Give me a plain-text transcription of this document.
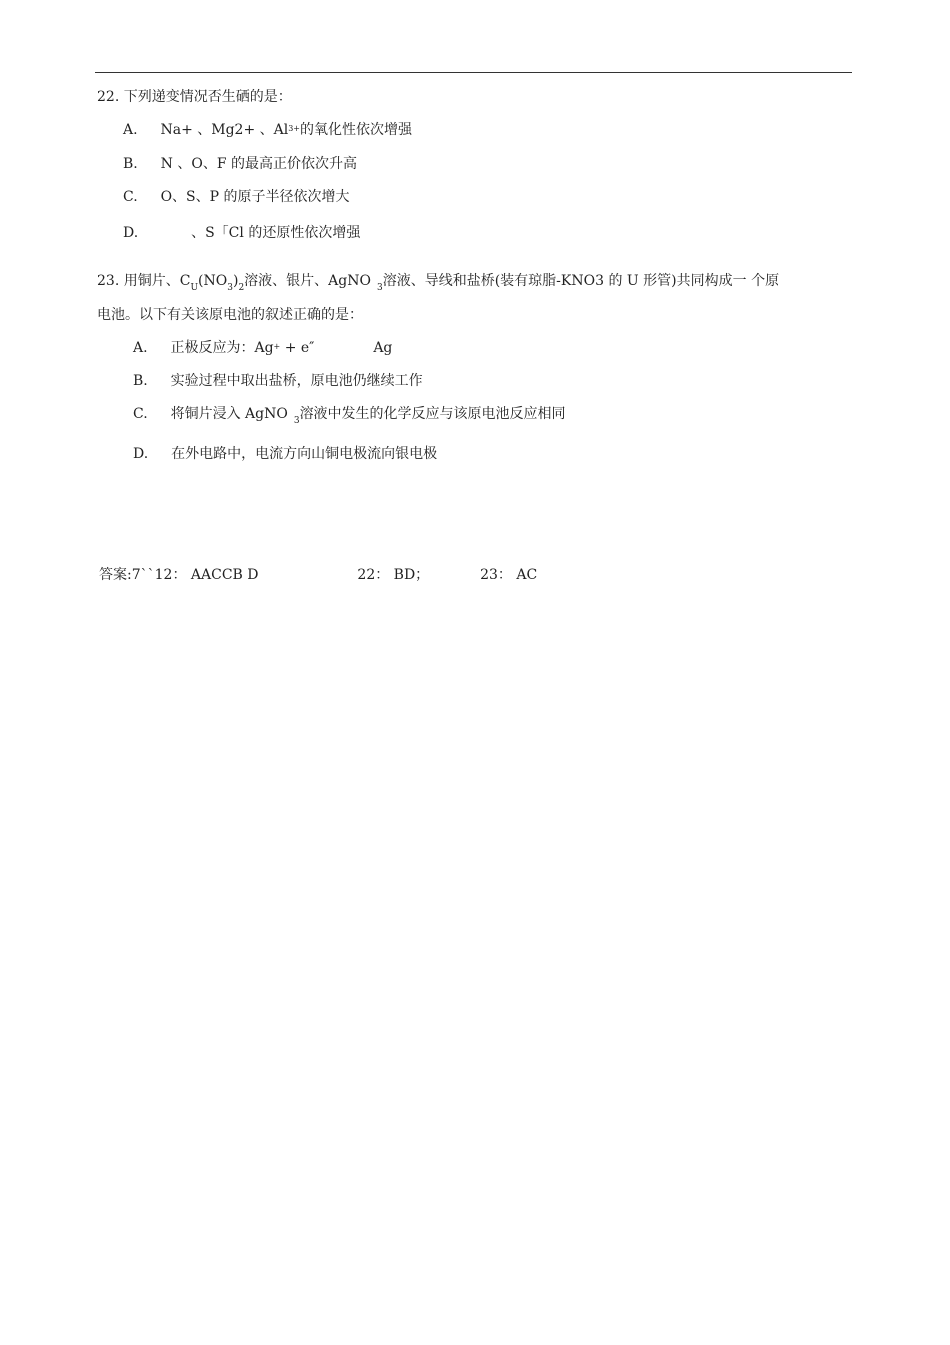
22. 下列递变情况否生硒的是：
A. Na+ 、Mg2+ 、$Al^{3+}$的氧化性依次增强
B. N 、O、F 的最高正价依次升高
C. O、S、P 的原子半径依次增大
D.	、S「Cl 的还原性依次增强
23. 用铜片、$C_U(NO_3)_2$溶液、银片、AgNO $_3$溶液、导线和盐桥(装有琼脂-KNO3 的 U 形管)共同构成一 个原
电池。以下有关该原电池的叙述正确的是：
A. 正极反应为：Ag+ + e″	Ag
B. 实验过程中取出盐桥，原电池仍继续工作
C. 将铜片浸入 AgNO $_3$溶液中发生的化学反应与该原电池反应相同
D. 在外电路中，电流方向山铜电极流向银电极
答案:7``12： AACCB D	22： BD；	23： AC
